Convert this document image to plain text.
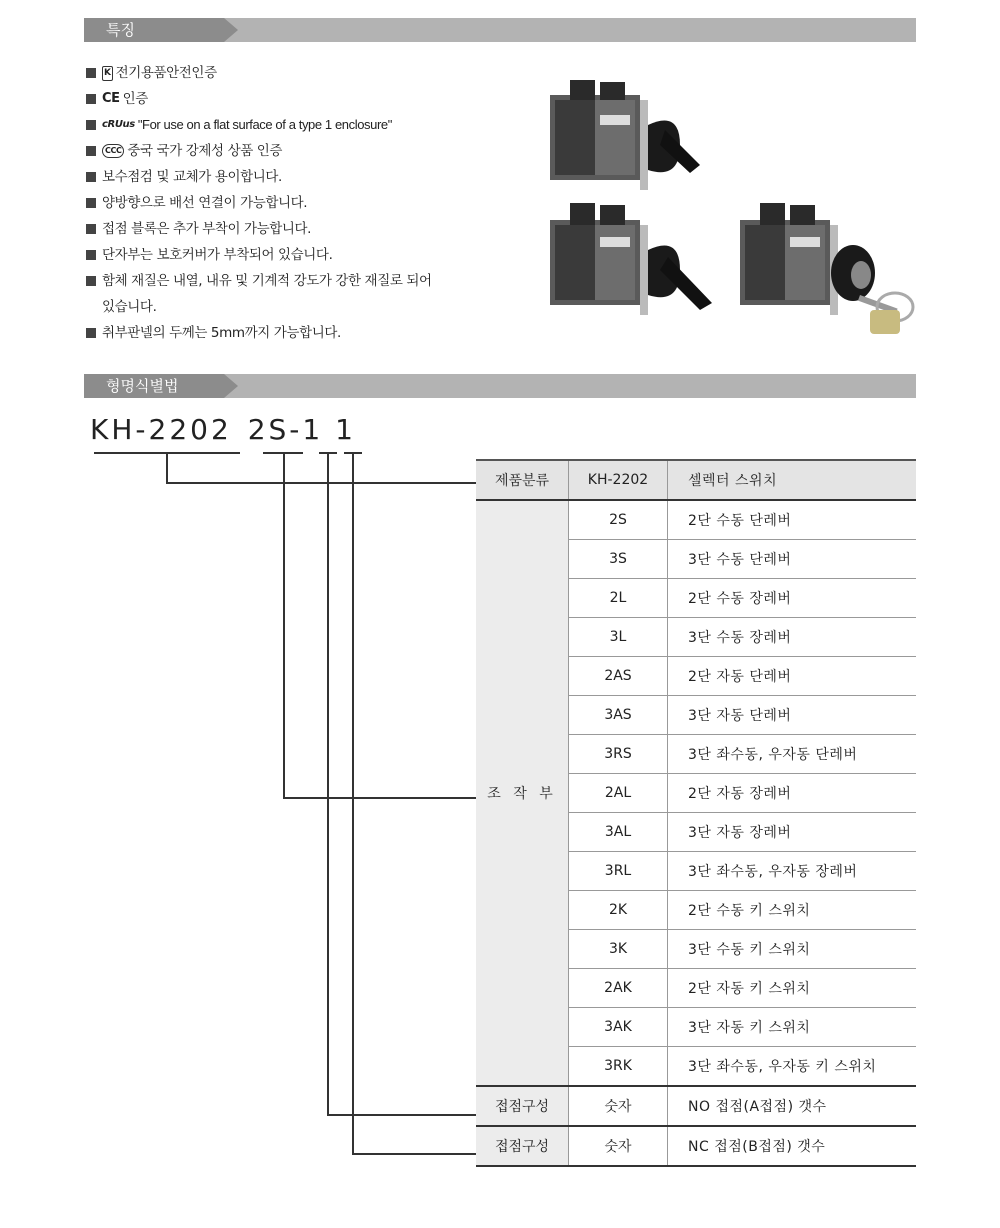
특징
K 전기용품안전인증
CE 인증
cRUus "For use on a flat surface of a type 1 enclosure"
CCC 중국 국가 강제성 상품 인증
보수점검 및 교체가 용이합니다.
양방향으로 배선 연결이 가능합니다.
접점 블록은 추가 부착이 가능합니다.
단자부는 보호커버가 부착되어 있습니다.
함체 재질은 내열, 내유 및 기계적 강도가 강한 재질로 되어
있습니다.
취부판넬의 두께는 5mm까지 가능합니다.
형명식별법
KH-2202 2S-1 1
제품분류	KH-2202	셀렉터 스위치
조 작 부	2S	2단 수동 단레버
	3S	3단 수동 단레버
	2L	2단 수동 장레버
	3L	3단 수동 장레버
	2AS	2단 자동 단레버
	3AS	3단 자동 단레버
	3RS	3단 좌수동, 우자동 단레버
	2AL	2단 자동 장레버
	3AL	3단 자동 장레버
	3RL	3단 좌수동, 우자동 장레버
	2K	2단 수동 키 스위치
	3K	3단 수동 키 스위치
	2AK	2단 자동 키 스위치
	3AK	3단 자동 키 스위치
	3RK	3단 좌수동, 우자동 키 스위치
접점구성	숫자	NO 접점(A접점) 갯수
접점구성	숫자	NC 접점(B접점) 갯수
